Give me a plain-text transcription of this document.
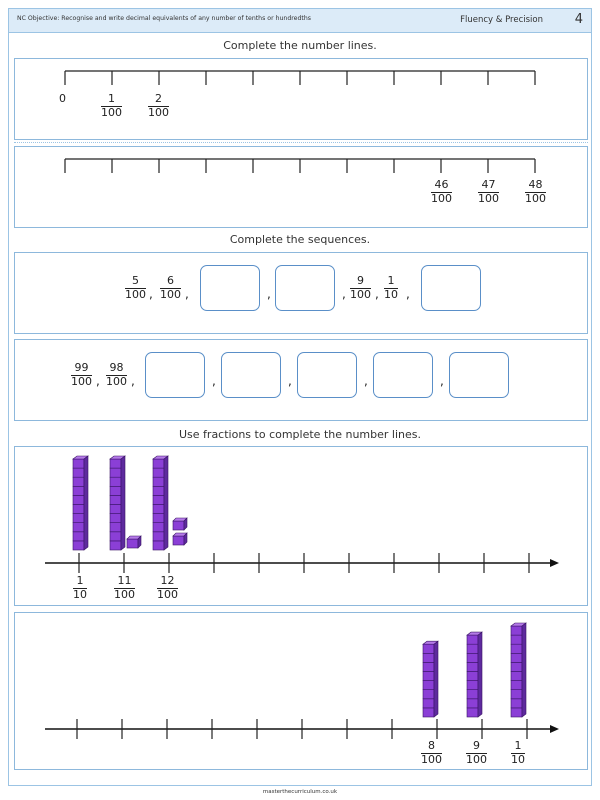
NC Objective: Recognise and write decimal equivalents of any number of tenths or hundredths	Fluency & Precision 4
Complete the number lines.
0	1
100
2
100
46
100
47
100
48
100
Complete the sequences.
5
100 ,
6
100 ,	,	,
9
100 ,
1
10 ,
99
100 ,
98
100 ,	,	,	,	,
Use fractions to complete the number lines.
1
10
11
100
12
100
8
100
9
100
1
10
masterthecurriculum.co.uk
